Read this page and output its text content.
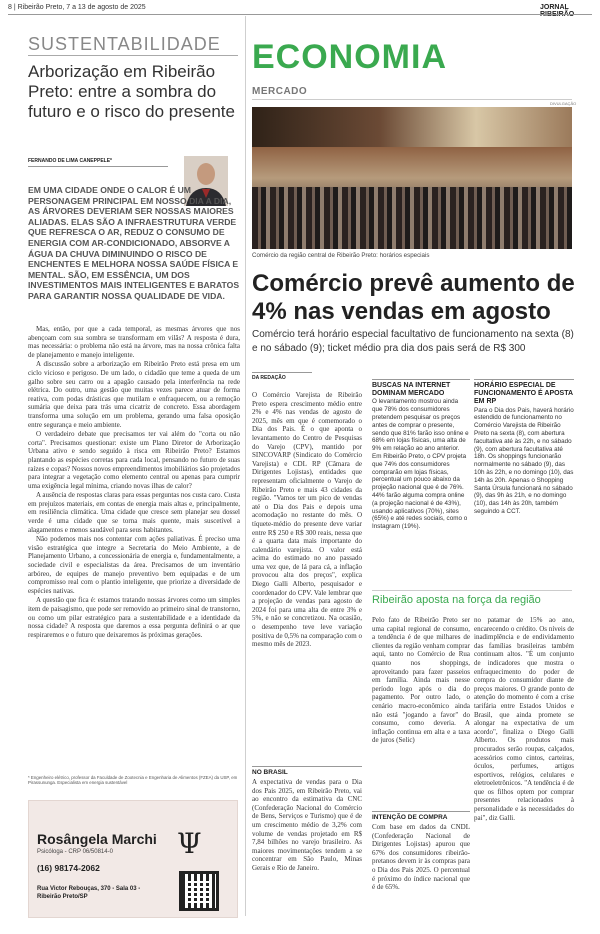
8 | Ribeirão Preto, 7 a 13 de agosto de 2025	JORNAL
SUSTENTABILIDADE
Arborização em Ribeirão Preto: entre a sombra do futuro e o risco do presente
FERNANDO DE LIMA CANEPPELE*
EM UMA CIDADE ONDE O CALOR É UM PERSONAGEM PRINCIPAL EM NOSSO DIA A DIA, AS ÁRVORES DEVERIAM SER NOSSAS MAIORES ALIADAS. ELAS SÃO A INFRAESTRUTURA VERDE QUE REFRESCA O AR, REDUZ O CONSUMO DE ENERGIA COM AR-CONDICIONADO, ABSORVE A ÁGUA DA CHUVA DIMINUINDO O RISCO DE ENCHENTES E MELHORA NOSSA SAÚDE FÍSICA E MENTAL. SÃO, EM ESSÊNCIA, UM DOS INVESTIMENTOS MAIS INTELIGENTES E BARATOS PARA GARANTIR NOSSA QUALIDADE DE VIDA.

Mas, então, por que a cada temporal, as mesmas árvores que nos abençoam com sua sombra se transformam em vilãs? A resposta é dura, mas necessária: o problema não está na árvore, mas na nossa crônica falta de planejamento e manejo inteligente.

A discussão sobre a arborização em Ribeirão Preto está presa em um ciclo vicioso e perigoso. De um lado, o cidadão que teme a queda de um galho sobre seu carro ou a apagão causado pela interferência na rede elétrica. Do outro, uma gestão que muitas vezes parece atuar de forma reativa, com podas drásticas que mutilam e enfraquecem, ou a remoção sumária que deixa para trás uma cicatriz de concreto. Essa abordagem transforma uma solução em um problema, gerando uma falsa oposição entre segurança e meio ambiente.

O verdadeiro debate que precisamos ter vai além do "corta ou não corta". Precisamos questionar: existe um Plano Diretor de Arborização Urbana ativo e sendo seguido à risca em Ribeirão Preto? Estamos plantando as espécies corretas para cada local, pensando no futuro de suas raízes e copas? Nossos novos empreendimentos imobiliários são projetados para integrar a vegetação como elemento central ou apenas para cumprir uma exigência legal mínima, criando novas ilhas de calor?

A ausência de respostas claras para essas perguntas nos custa caro. Custa em prejuízos materiais, em contas de energia mais altas e, principalmente, em resiliência climática. Uma cidade que cresce sem planejar seu dossel verde é uma cidade que se torna mais quente, mais suscetível a alagamentos e menos saudável para seus habitantes.

Não podemos mais nos contentar com ações paliativas. É preciso uma visão estratégica que integre a Secretaria do Meio Ambiente, a de Planejamento Urbano, a concessionária de energia e, fundamentalmente, a sociedade civil e especialistas da área. Precisamos de um inventário arbóreo, de equipes de manejo preventivo bem equipadas e de um compromisso real com o plantio inteligente, que priorize a diversidade de espécies nativas.

A questão que fica é: estamos tratando nossas árvores como um simples item de paisagismo, que pode ser removido ao primeiro sinal de transtorno, ou como um pilar estratégico para a sustentabilidade e a identidade da nossa cidade? A resposta que daremos a essa pergunta definirá o ar que respiraremos e o futuro que deixaremos às próximas gerações.

* Engenheiro elétrico, professor da Faculdade de Zootecnia e Engenharia de Alimentos (FZEA) da USP, em Pirassununga. Especialista em energia sustentável
Rosângela Marchi
Psicóloga - CRP 06/50814-0
(16) 98174-2062
Rua Victor Rebouças, 370 - Sala 03 - Ribeirão Preto/SP
Ψ
ECONOMIA
MERCADO
DIVULGAÇÃO
Comércio da região central de Ribeirão Preto: horários especiais
Comércio prevê aumento de 4% nas vendas em agosto
Comércio terá horário especial facultativo de funcionamento na sexta (8) e no sábado (9); ticket médio pra dia dos pais será de R$ 300
DA REDAÇÃO
O Comércio Varejista de Ribeirão Preto espera crescimento médio entre 2% e 4% nas vendas de agosto de 2025, mês em que é comemorado o Dia dos Pais. É o que aponta o levantamento do Centro de Pesquisas do Varejo (CPV), mantido por SINCOVARP (Sindicato do Comércio Varejista) e CDL RP (Câmara de Dirigentes Lojistas), entidades que representam oficialmente o Varejo de Ribeirão Preto e mais 43 cidades da região. "Vamos ter um pico de vendas até o Dia dos Pais e depois uma acomodação no restante do mês. O tíquete-médio do presente deve variar entre R$ 250 e R$ 300 reais, nessa que é a quarta data mais importante do calendário varejista. O valor está acima do estimado no ano passado uma vez que, de lá para cá, a inflação provocou alta dos preços", explica Diego Galli Alberto, pesquisador e coordenador do CPV. Vale lembrar que a projeção de vendas para agosto de 2024 foi para uma alta de entre 3% e 5%, e não se concretizou. Na ocasião, o desempenho teve leve variação positiva de 0,5% na comparação com o mesmo mês de 2023.
BUSCAS NA INTERNET DOMINAM MERCADO
O levantamento mostrou ainda que 78% dos consumidores pretendem pesquisar os preços antes de comprar o presente, sendo que 81% farão isso online e 68% em lojas físicas, uma alta de 9% em relação ao ano anterior. Em Ribeirão Preto, o CPV projeta que 74% dos consumidores comprarão em lojas físicas, percentual um pouco abaixo da projeção nacional que é de 76%. 44% farão alguma compra online (a projeção nacional é de 43%), usando aplicativos (70%), sites (65%) e até redes sociais, como o Instagram (19%).
HORÁRIO ESPECIAL DE FUNCIONAMENTO É APOSTA EM RP
Para o Dia dos Pais, haverá horário estendido de funcionamento no Comércio Varejista de Ribeirão Preto na sexta (8), com abertura facultativa até às 22h, e no sábado (9), com abertura facultativa até 18h. Os shoppings funcionarão normalmente no sábado (9), das 10h às 22h, e no domingo (10), das 14h às 20h. Apenas o Shopping Santa Úrsula funcionará no sábado (9), das 9h às 21h, e no domingo (10), das 14h às 20h, também seguindo a CCT.
Ribeirão aposta na força da região
Pelo fato de Ribeirão Preto ser uma capital regional de consumo, a tendência é de que milhares de clientes da região venham comprar aqui, tanto no Comércio de Rua quanto nos shoppings, aproveitando para fazer passeios em família. Ainda mais nesse período logo após o dia do pagamento. Por outro lado, o cenário macro-econômico ainda não está "jogando a favor" do consumo, como deveria. A inflação continua em alta e a taxa de juros (Selic)
no patamar de 15% ao ano, encarecendo o crédito. Os níveis de inadimplência e de endividamento das famílias brasileiras também continuam altos. "É um conjunto de indicadores que mostra o enfraquecimento do poder de compra do consumidor diante de preços maiores. O grande ponto de atenção do momento é com a crise tarifária entre Estados Unidos e Brasil, que ainda promete se alongar na expectativa de um acordo", finaliza o Diego Galli Alberto. Os produtos mais procurados serão roupas, calçados, acessórios como cintos, carteiras, óculos, perfumes, artigos esportivos, relógios, celulares e eletroeletrônicos. "A tendência é de que os filhos optem por comprar presentes relacionados à personalidade e às necessidades do pai", diz Galli.
NO BRASIL
A expectativa de vendas para o Dia dos Pais 2025, em Ribeirão Preto, vai ao encontro da estimativa da CNC (Confederação Nacional do Comércio de Bens, Serviços e Turismo) que é de um crescimento médio de 3,2% com volume de vendas projetado em R$ 7,84 bilhões no varejo brasileiro. As maiores movimentações tendem a se concentrar em São Paulo, Minas Gerais e Rio de Janeiro.
INTENÇÃO DE COMPRA
Com base em dados da CNDL (Confederação Nacional de Dirigentes Lojistas) apurou que 67% dos consumidores ribeirão-pretanos devem ir às compras para o Dia dos Pais 2025. O percentual é próximo do índice nacional que é de 65%.
